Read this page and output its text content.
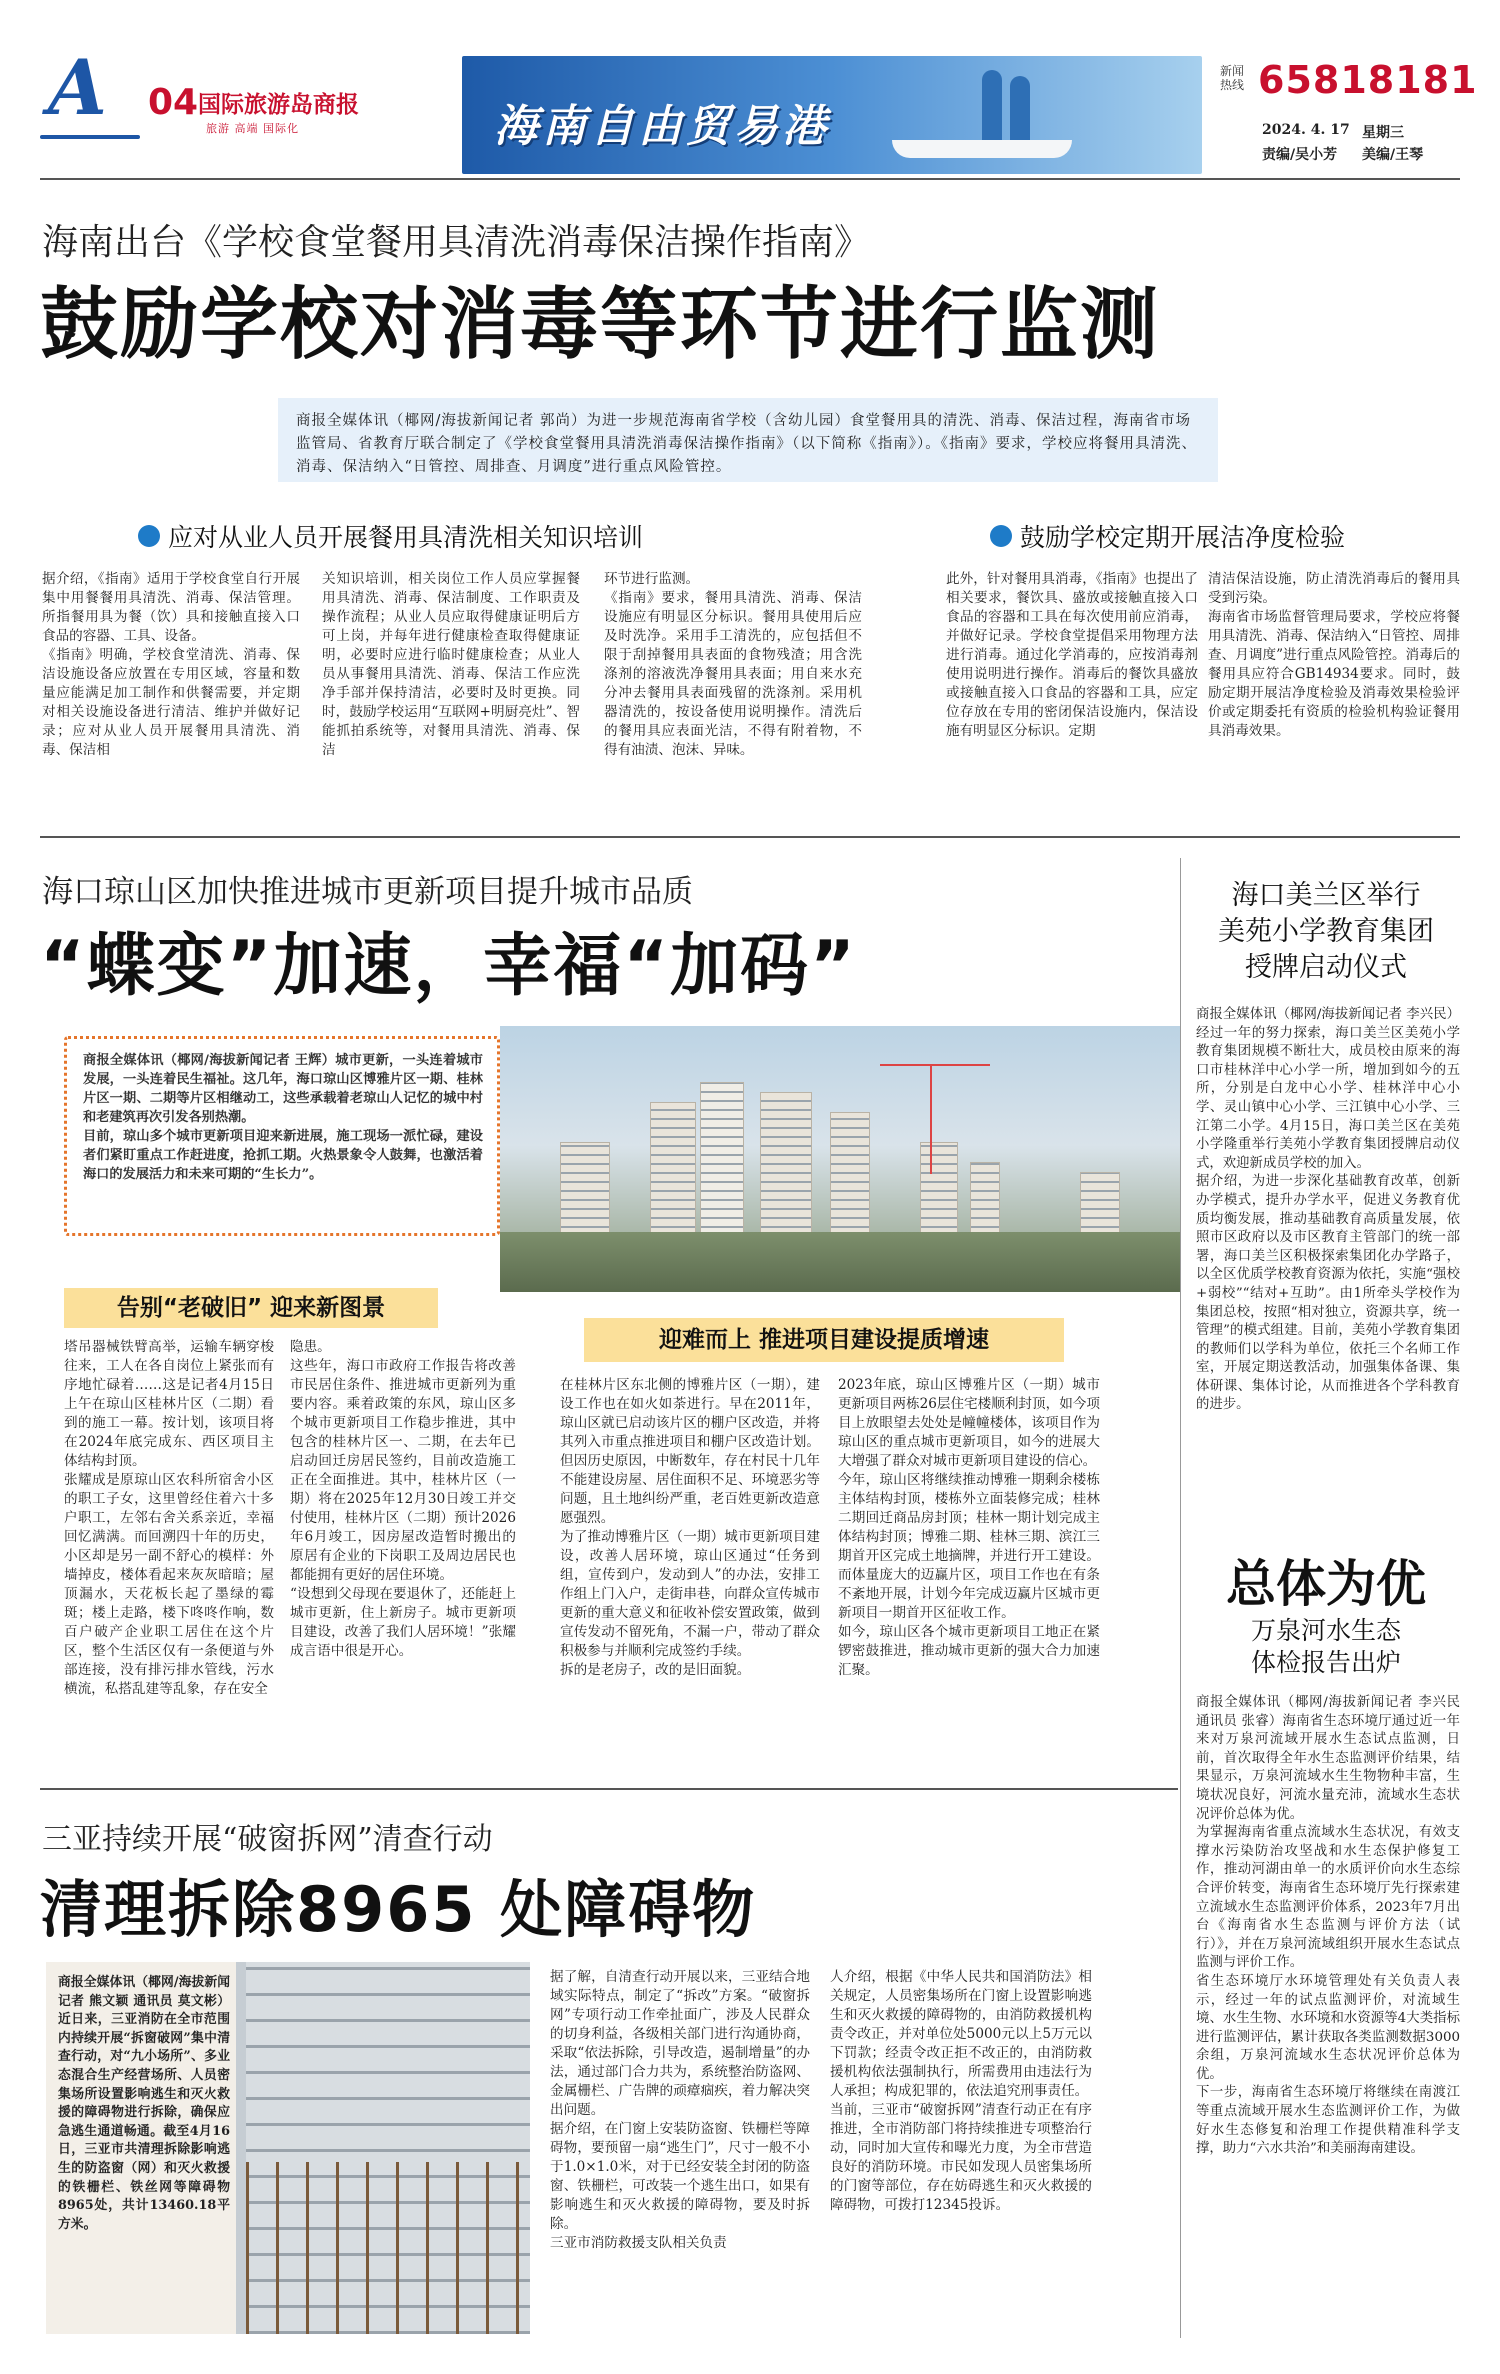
A 04 国际旅游岛商报
旅游 高端 国际化	海南自由贸易港
新闻热线 65818181
2024. 4. 17 星期三
责编/吴小芳 美编/王琴
海南出台《学校食堂餐用具清洗消毒保洁操作指南》
鼓励学校对消毒等环节进行监测
商报全媒体讯（椰网/海拔新闻记者 郭尚）为进一步规范海南省学校（含幼儿园）食堂餐用具的清洗、消毒、保洁过程，海南省市场监管局、省教育厅联合制定了《学校食堂餐用具清洗消毒保洁操作指南》（以下简称《指南》）。《指南》要求，学校应将餐用具清洗、消毒、保洁纳入“日管控、周排查、月调度”进行重点风险管控。
应对从业人员开展餐用具清洗相关知识培训	鼓励学校定期开展洁净度检验
据介绍，《指南》适用于学校食堂自行开展集中用餐餐用具清洗、消毒、保洁管理。所指餐用具为餐（饮）具和接触直接入口食品的容器、工具、设备。
《指南》明确，学校食堂清洗、消毒、保洁设施设备应放置在专用区域，容量和数量应能满足加工制作和供餐需要，并定期对相关设施设备进行清洁、维护并做好记录；应对从业人员开展餐用具清洗、消毒、保洁相
关知识培训，相关岗位工作人员应掌握餐用具清洗、消毒、保洁制度、工作职责及操作流程；从业人员应取得健康证明后方可上岗，并每年进行健康检查取得健康证明，必要时应进行临时健康检查；从业人员从事餐用具清洗、消毒、保洁工作应洗净手部并保持清洁，必要时及时更换。同时，鼓励学校运用“互联网+明厨亮灶”、智能抓拍系统等，对餐用具清洗、消毒、保洁
环节进行监测。
《指南》要求，餐用具清洗、消毒、保洁设施应有明显区分标识。餐用具使用后应及时洗净。采用手工清洗的，应包括但不限于刮掉餐用具表面的食物残渣；用含洗涤剂的溶液洗净餐用具表面；用自来水充分冲去餐用具表面残留的洗涤剂。采用机器清洗的，按设备使用说明操作。清洗后的餐用具应表面光洁，不得有附着物，不得有油渍、泡沫、异味。
此外，针对餐用具消毒，《指南》也提出了相关要求，餐饮具、盛放或接触直接入口食品的容器和工具在每次使用前应消毒，并做好记录。学校食堂提倡采用物理方法进行消毒。通过化学消毒的，应按消毒剂使用说明进行操作。消毒后的餐饮具盛放或接触直接入口食品的容器和工具，应定位存放在专用的密闭保洁设施内，保洁设施有明显区分标识。定期
清洁保洁设施，防止清洗消毒后的餐用具受到污染。
海南省市场监督管理局要求，学校应将餐用具清洗、消毒、保洁纳入“日管控、周排查、月调度”进行重点风险管控。消毒后的餐用具应符合GB14934要求。同时，鼓励定期开展洁净度检验及消毒效果检验评价或定期委托有资质的检验机构验证餐用具消毒效果。
海口琼山区加快推进城市更新项目提升城市品质
“蝶变”加速，幸福“加码”
商报全媒体讯（椰网/海拔新闻记者 王辉）城市更新，一头连着城市发展，一头连着民生福祉。这几年，海口琼山区博雅片区一期、桂林片区一期、二期等片区相继动工，这些承载着老琼山人记忆的城中村和老建筑再次引发各别热潮。
目前，琼山多个城市更新项目迎来新进展，施工现场一派忙碌，建设者们紧盯重点工作赶进度，抢抓工期。火热景象令人鼓舞，也激活着海口的发展活力和未来可期的“生长力”。
告别“老破旧” 迎来新图景
迎难而上 推进项目建设提质增速
塔吊器械铁臂高举，运输车辆穿梭往来，工人在各自岗位上紧张而有序地忙碌着……这是记者4月15日上午在琼山区桂林片区（二期）看到的施工一幕。按计划，该项目将在2024年底完成东、西区项目主体结构封顶。
张耀成是原琼山区农科所宿舍小区的职工子女，这里曾经住着六十多户职工，左邻右舍关系亲近，幸福回忆满满。而回溯四十年的历史，小区却是另一副不舒心的模样：外墙掉皮，楼体看起来灰灰暗暗；屋顶漏水，天花板长起了墨绿的霉斑；楼上走路，楼下咚咚作响，数百户破产企业职工居住在这个片区，整个生活区仅有一条便道与外部连接，没有排污排水管线，污水横流，私搭乱建等乱象，存在安全
隐患。
这些年，海口市政府工作报告将改善市民居住条件、推进城市更新列为重要内容。乘着政策的东风，琼山区多个城市更新项目工作稳步推进，其中包含的桂林片区一、二期，在去年已启动回迁房居民签约，目前改造施工正在全面推进。其中，桂林片区（一期）将在2025年12月30日竣工并交付使用，桂林片区（二期）预计2026年6月竣工，因房屋改造暂时搬出的原居有企业的下岗职工及周边居民也都能拥有更好的居住环境。
“设想到父母现在要退休了，还能赶上城市更新，住上新房子。城市更新项目建设，改善了我们人居环境！”张耀成言语中很是开心。
在桂林片区东北侧的博雅片区（一期），建设工作也在如火如荼进行。早在2011年，琼山区就已启动该片区的棚户区改造，并将其列入市重点推进项目和棚户区改造计划。但因历史原因，中断数年，存在村民十几年不能建设房屋、居住面积不足、环境恶劣等问题，且土地纠纷严重，老百姓更新改造意愿强烈。
为了推动博雅片区（一期）城市更新项目建设，改善人居环境，琼山区通过“任务到组，宣传到户，发动到人”的办法，安排工作组上门入户，走街串巷，向群众宣传城市更新的重大意义和征收补偿安置政策，做到宣传发动不留死角，不漏一户，带动了群众积极参与并顺利完成签约手续。
拆的是老房子，改的是旧面貌。
2023年底，琼山区博雅片区（一期）城市更新项目两栋26层住宅楼顺利封顶，如今项目上放眼望去处处是幢幢楼体，该项目作为琼山区的重点城市更新项目，如今的进展大大增强了群众对城市更新项目建设的信心。
今年，琼山区将继续推动博雅一期剩余楼栋主体结构封顶，楼栋外立面装修完成；桂林二期回迁商品房封顶；桂林一期计划完成主体结构封顶；博雅二期、桂林三期、滨江三期首开区完成土地摘牌，并进行开工建设。而体量庞大的迈赢片区，项目工作也在有条不紊地开展，计划今年完成迈赢片区城市更新项目一期首开区征收工作。
如今，琼山区各个城市更新项目工地正在紧锣密鼓推进，推动城市更新的强大合力加速汇聚。
海口美兰区举行
美苑小学教育集团
授牌启动仪式
商报全媒体讯（椰网/海拔新闻记者 李兴民）经过一年的努力探索，海口美兰区美苑小学教育集团规模不断壮大，成员校由原来的海口市桂林洋中心小学一所，增加到如今的五所，分别是白龙中心小学、桂林洋中心小学、灵山镇中心小学、三江镇中心小学、三江第二小学。4月15日，海口美兰区在美苑小学隆重举行美苑小学教育集团授牌启动仪式，欢迎新成员学校的加入。
据介绍，为进一步深化基础教育改革，创新办学模式，提升办学水平，促进义务教育优质均衡发展，推动基础教育高质量发展，依照市区政府以及市区教育主管部门的统一部署，海口美兰区积极探索集团化办学路子，以全区优质学校教育资源为依托，实施“强校+弱校”“结对+互助”。由1所牵头学校作为集团总校，按照“相对独立，资源共享，统一管理”的模式组建。目前，美苑小学教育集团的教师们以学科为单位，依托三个名师工作室，开展定期送教活动，加强集体备课、集体研课、集体讨论，从而推进各个学科教育的进步。
总体为优
万泉河水生态
体检报告出炉
商报全媒体讯（椰网/海拔新闻记者 李兴民 通讯员 张睿）海南省生态环境厅通过近一年来对万泉河流域开展水生态试点监测，日前，首次取得全年水生态监测评价结果，结果显示，万泉河流域水生生物物种丰富，生境状况良好，河流水量充沛，流域水生态状况评价总体为优。
为掌握海南省重点流域水生态状况，有效支撑水污染防治攻坚战和水生态保护修复工作，推动河湖由单一的水质评价向水生态综合评价转变，海南省生态环境厅先行探索建立流域水生态监测评价体系，2023年7月出台《海南省水生态监测与评价方法（试行）》，并在万泉河流域组织开展水生态试点监测与评价工作。
省生态环境厅水环境管理处有关负责人表示，经过一年的试点监测评价，对流域生境、水生生物、水环境和水资源等4大类指标进行监测评估，累计获取各类监测数据3000余组，万泉河流域水生态状况评价总体为优。
下一步，海南省生态环境厅将继续在南渡江等重点流域开展水生态监测评价工作，为做好水生态修复和治理工作提供精准科学支撑，助力“六水共治”和美丽海南建设。
三亚持续开展“破窗拆网”清查行动
清理拆除8965 处障碍物
商报全媒体讯（椰网/海拔新闻记者 熊文颖 通讯员 莫文彬）近日来，三亚消防在全市范围内持续开展“拆窗破网”集中清查行动，对“九小场所”、多业态混合生产经营场所、人员密集场所设置影响逃生和灭火救援的障碍物进行拆除，确保应急逃生通道畅通。截至4月16日，三亚市共清理拆除影响逃生的防盗窗（网）和灭火救援的铁栅栏、铁丝网等障碍物8965处，共计13460.18平方米。
据了解，自清查行动开展以来，三亚结合地域实际特点，制定了“拆改”方案。“破窗拆网”专项行动工作牵扯面广，涉及人民群众的切身利益，各级相关部门进行沟通协商，采取“依法拆除，引导改造，遏制增量”的办法，通过部门合力共为，系统整治防盗网、金属栅栏、广告牌的顽瘴痼疾，着力解决突出问题。
据介绍，在门窗上安装防盗窗、铁栅栏等障碍物，要预留一扇“逃生门”，尺寸一般不小于1.0×1.0米，对于已经安装全封闭的防盗窗、铁栅栏，可改装一个逃生出口，如果有影响逃生和灭火救援的障碍物，要及时拆除。
三亚市消防救援支队相关负责
人介绍，根据《中华人民共和国消防法》相关规定，人员密集场所在门窗上设置影响逃生和灭火救援的障碍物的，由消防救援机构责令改正，并对单位处5000元以上5万元以下罚款；经责令改正拒不改正的，由消防救援机构依法强制执行，所需费用由违法行为人承担；构成犯罪的，依法追究刑事责任。
当前，三亚市“破窗拆网”清查行动正在有序推进，全市消防部门将持续推进专项整治行动，同时加大宣传和曝光力度，为全市营造良好的消防环境。市民如发现人员密集场所的门窗等部位，存在妨碍逃生和灭火救援的障碍物，可拨打12345投诉。
